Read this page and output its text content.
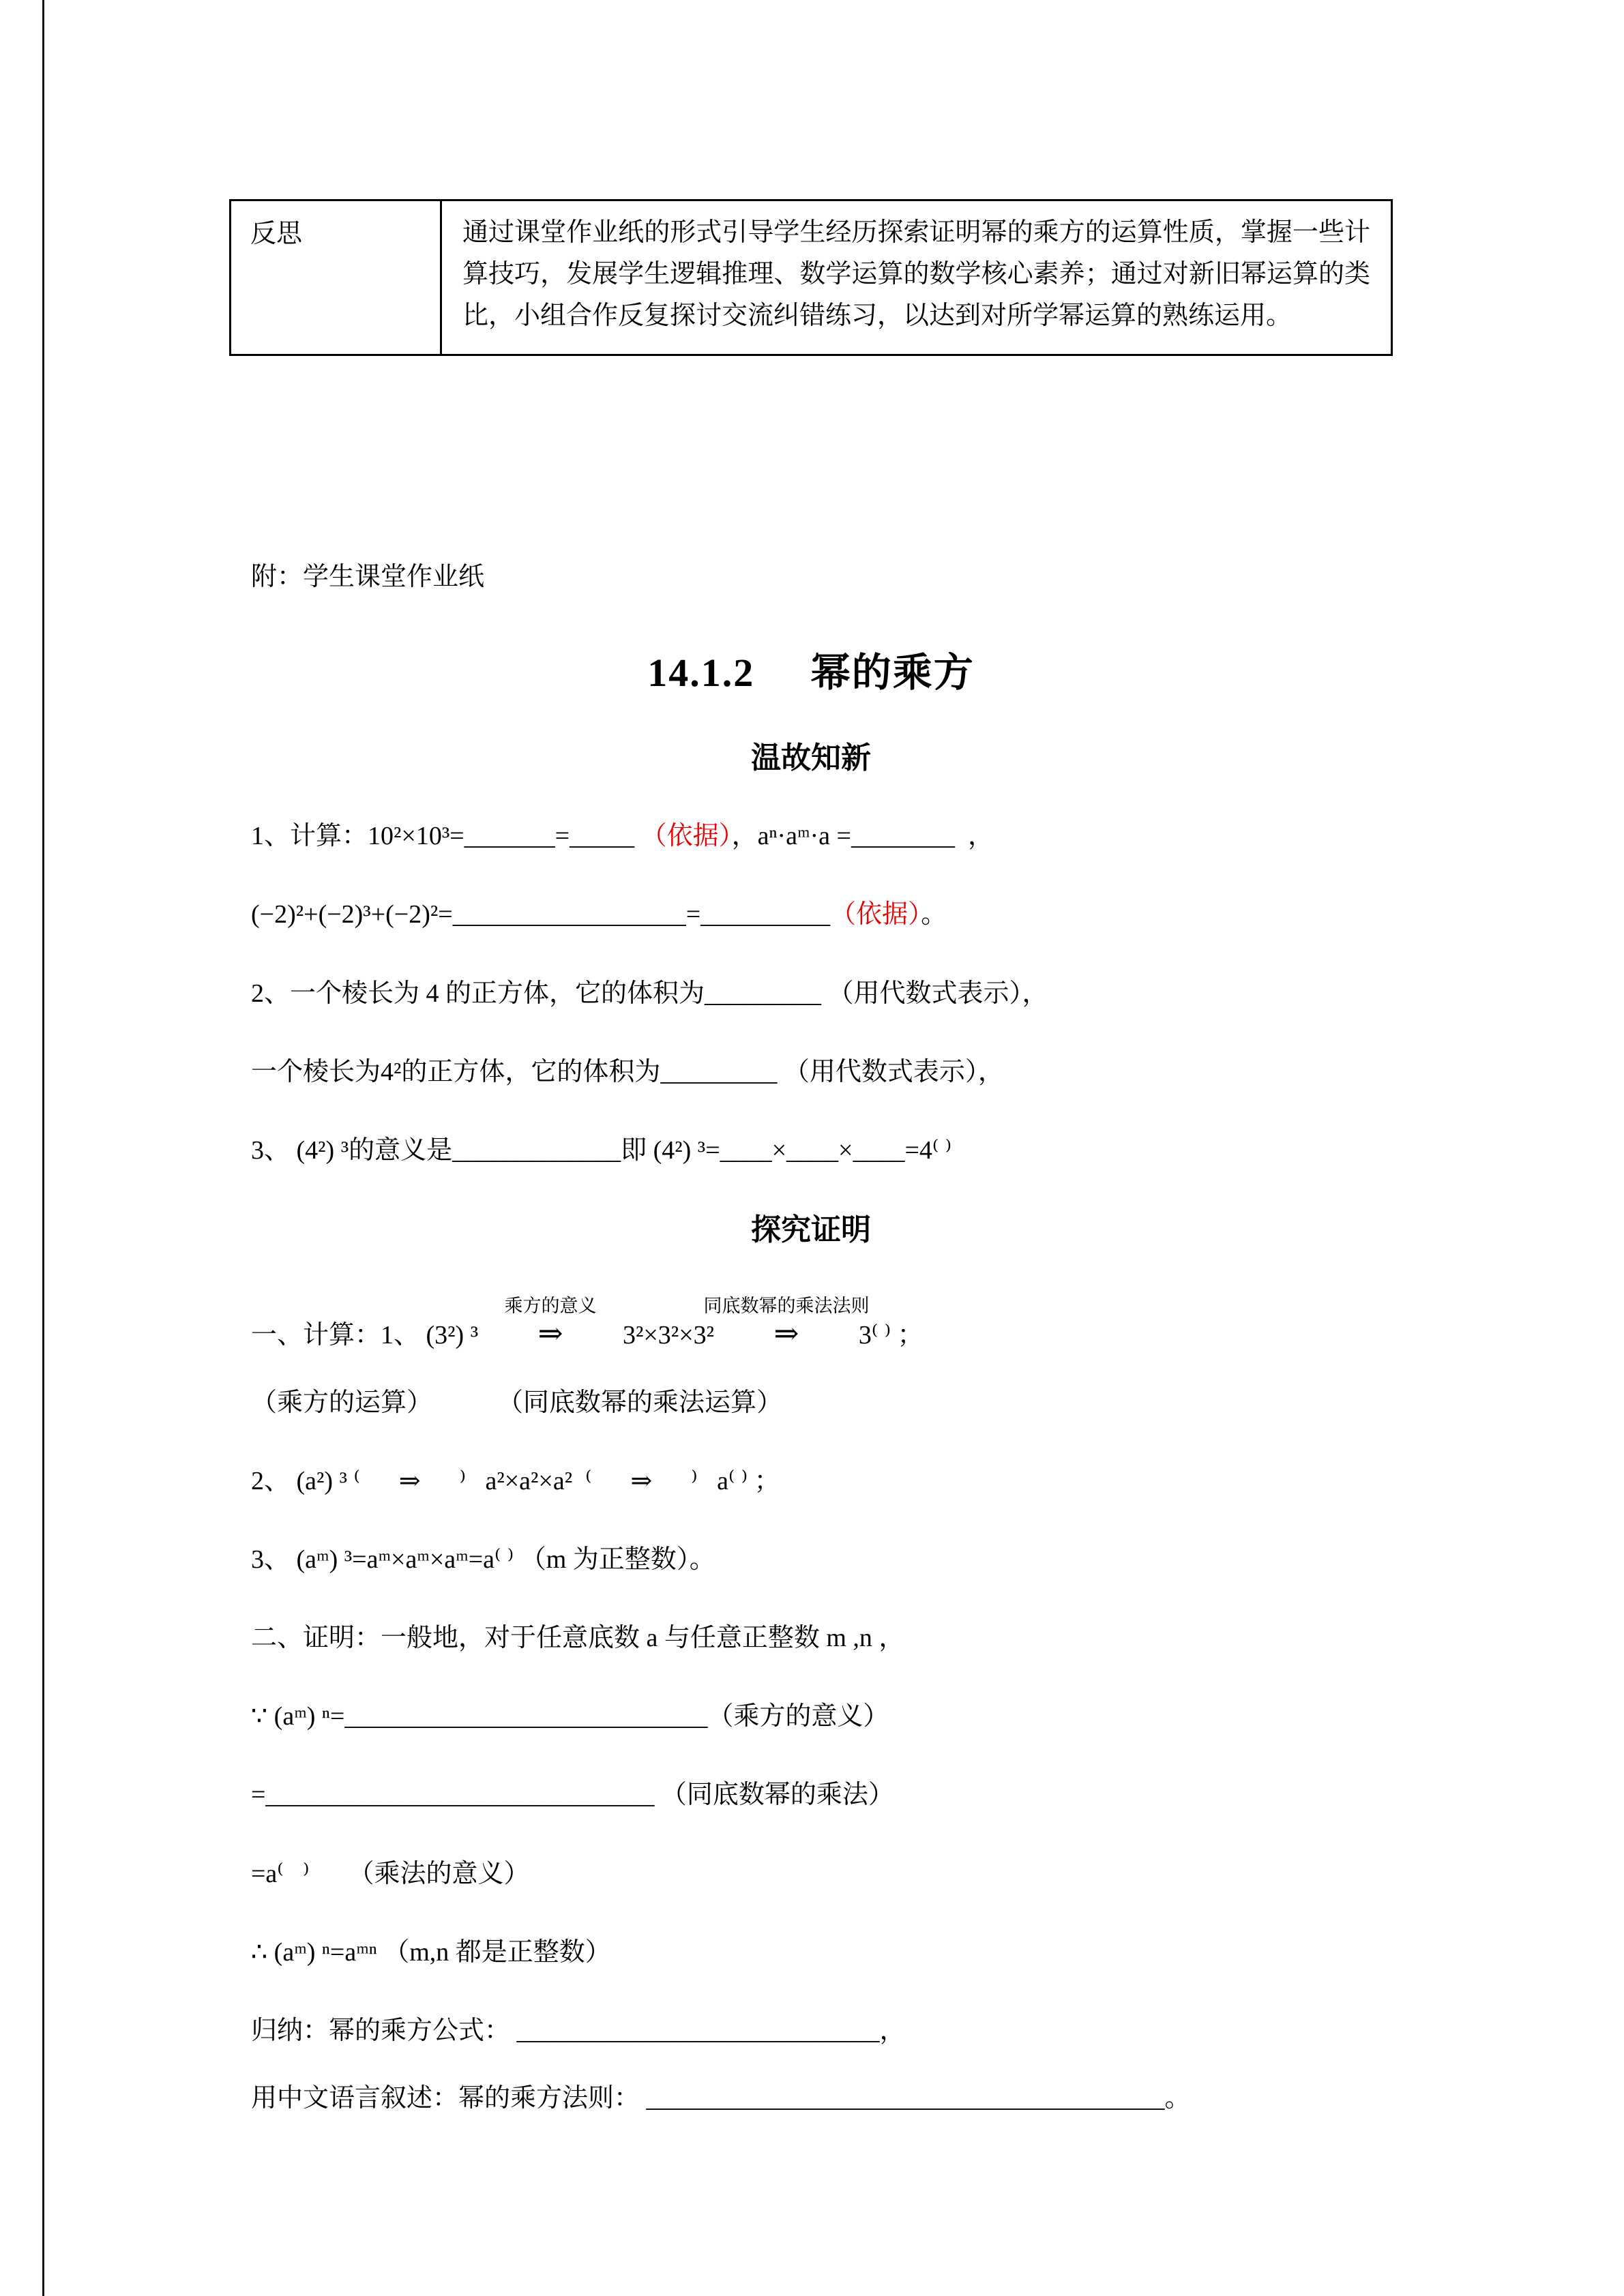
反思	通过课堂作业纸的形式引导学生经历探索证明幂的乘方的运算性质，掌握一些计算技巧，发展学生逻辑推理、数学运算的数学核心素养；通过对新旧幂运算的类比，小组合作反复探讨交流纠错练习，以达到对所学幂运算的熟练运用。

附：学生课堂作业纸

14.1.2     幂的乘方
温故知新

1、计算：10²×10³=_______=_____ （依据），aⁿ·aᵐ·a =________  ，

(−2)²+(−2)³+(−2)²=__________________=__________（依据）。

2、一个棱长为 4 的正方体，它的体积为_________ （用代数式表示），

一个棱长为4²的正方体，它的体积为_________ （用代数式表示），

3、 (4²) ³的意义是_____________即 (4²) ³=____×____×____=4⁽ ⁾

探究证明

一、计算：1、 (3²) ³
乘方的意义
⇒ 3²×3²×3²
同底数幂的乘法法则
⇒ 3⁽ ⁾ ；

（乘方的运算）          （同底数幂的乘法运算）

2、 (a²) ³ ⁽      ⇒      ⁾   a²×a²×a²  ⁽      ⇒      ⁾   a⁽ ⁾ ；

3、 (aᵐ) ³=aᵐ×aᵐ×aᵐ=a⁽ ⁾ （m 为正整数）。

二、证明：一般地，对于任意底数 a 与任意正整数 m ,n ，

∵ (aᵐ) ⁿ=____________________________（乘方的意义）

=______________________________ （同底数幂的乘法）

=a⁽   ⁾      （乘法的意义）

∴ (aᵐ) ⁿ=aᵐⁿ （m,n 都是正整数）

归纳：幂的乘方公式： ____________________________，

用中文语言叙述：幂的乘方法则： ________________________________________。
